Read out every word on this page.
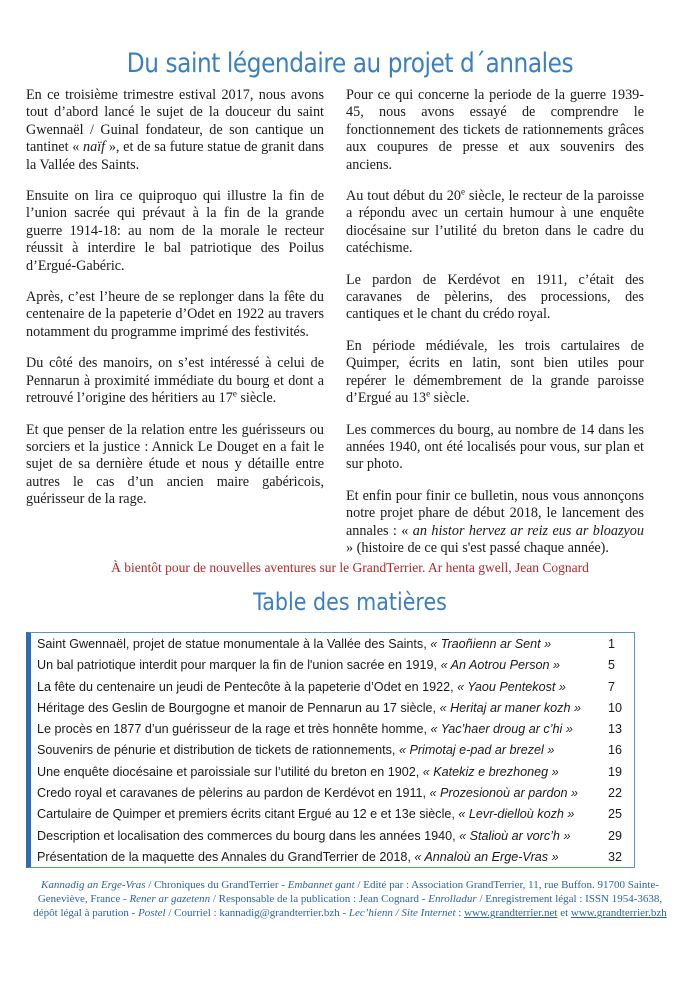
Du saint légendaire au projet d´annales

En ce troisième trimestre estival 2017, nous avons tout d’abord lancé le sujet de la douceur du saint Gwennaël / Guinal fondateur, de son cantique un tantinet « naïf », et de sa future statue de granit dans la Vallée des Saints.

Ensuite on lira ce quiproquo qui illustre la fin de l’union sacrée qui prévaut à la fin de la grande guerre 1914-18: au nom de la morale le recteur réussit à interdire le bal patriotique des Poilus d’Ergué-Gabéric.

Après, c’est l’heure de se replonger dans la fête du centenaire de la papeterie d’Odet en 1922 au travers notamment du programme imprimé des festivités.

Du côté des manoirs, on s’est intéressé à celui de Pennarun à proximité immédiate du bourg et dont a retrouvé l’origine des héritiers au 17e siècle.

Et que penser de la relation entre les guérisseurs ou sorciers et la justice : Annick Le Douget en a fait le sujet de sa dernière étude et nous y détaille entre autres le cas d’un ancien maire gabéricois, guérisseur de la rage.

Pour ce qui concerne la periode de la guerre 1939-45, nous avons essayé de comprendre le fonctionnement des tickets de rationnements grâces aux coupures de presse et aux souvenirs des anciens.

Au tout début du 20e siècle, le recteur de la paroisse a répondu avec un certain humour à une enquête diocésaine sur l’utilité du breton dans le cadre du catéchisme.

Le pardon de Kerdévot en 1911, c’était des caravanes de pèlerins, des processions, des cantiques et le chant du crédo royal.

En période médiévale, les trois cartulaires de Quimper, écrits en latin, sont bien utiles pour repérer le démembrement de la grande paroisse d’Ergué au 13e siècle.

Les commerces du bourg, au nombre de 14 dans les années 1940, ont été localisés pour vous, sur plan et sur photo.

Et enfin pour finir ce bulletin, nous vous annonçons notre projet phare de début 2018, le lancement des annales : « an histor hervez ar reiz eus ar bloazyou » (histoire de ce qui s'est passé chaque année).

À bientôt pour de nouvelles aventures sur le GrandTerrier. Ar henta gwell, Jean Cognard
Table des matières
Saint Gwennaël, projet de statue monumentale à la Vallée des Saints, « Traoñienn ar Sent »	1
Un bal patriotique interdit pour marquer la fin de l'union sacrée en 1919, « An Aotrou Person »	5
La fête du centenaire un jeudi de Pentecôte à la papeterie d’Odet en 1922, « Yaou Pentekost »	7
Héritage des Geslin de Bourgogne et manoir de Pennarun au 17 siècle, « Heritaj ar maner kozh » 10
Le procès en 1877 d’un guérisseur de la rage et très honnête homme, « Yac’haer droug ar c’hi »	13
Souvenirs de pénurie et distribution de tickets de rationnements, « Primotaj e-pad ar brezel »	16
Une enquête diocésaine et paroissiale sur l’utilité du breton en 1902, « Katekiz e brezhoneg »	19
Credo royal et caravanes de pèlerins au pardon de Kerdévot en 1911, « Prozesionoù ar pardon » 22
Cartulaire de Quimper et premiers écrits citant Ergué au 12 e et 13e siècle, « Levr-dielloù kozh »	25
Description et localisation des commerces du bourg dans les années 1940, « Stalioù ar vorc’h »	29
Présentation de la maquette des Annales du GrandTerrier de 2018, « Annaloù an Erge-Vras »	32
Kannadig an Erge-Vras / Chroniques du GrandTerrier - Embannet gant / Edité par : Association GrandTerrier, 11, rue Buffon. 91700 Sainte-Geneviève, France - Rener ar gazetenn / Responsable de la publication : Jean Cognard - Enrolladur / Enregistrement légal : ISSN 1954-3638, dépôt légal à parution - Postel / Courriel : kannadig@grandterrier.bzh - Lec’hienn / Site Internet : www.grandterrier.net et www.grandterrier.bzh
